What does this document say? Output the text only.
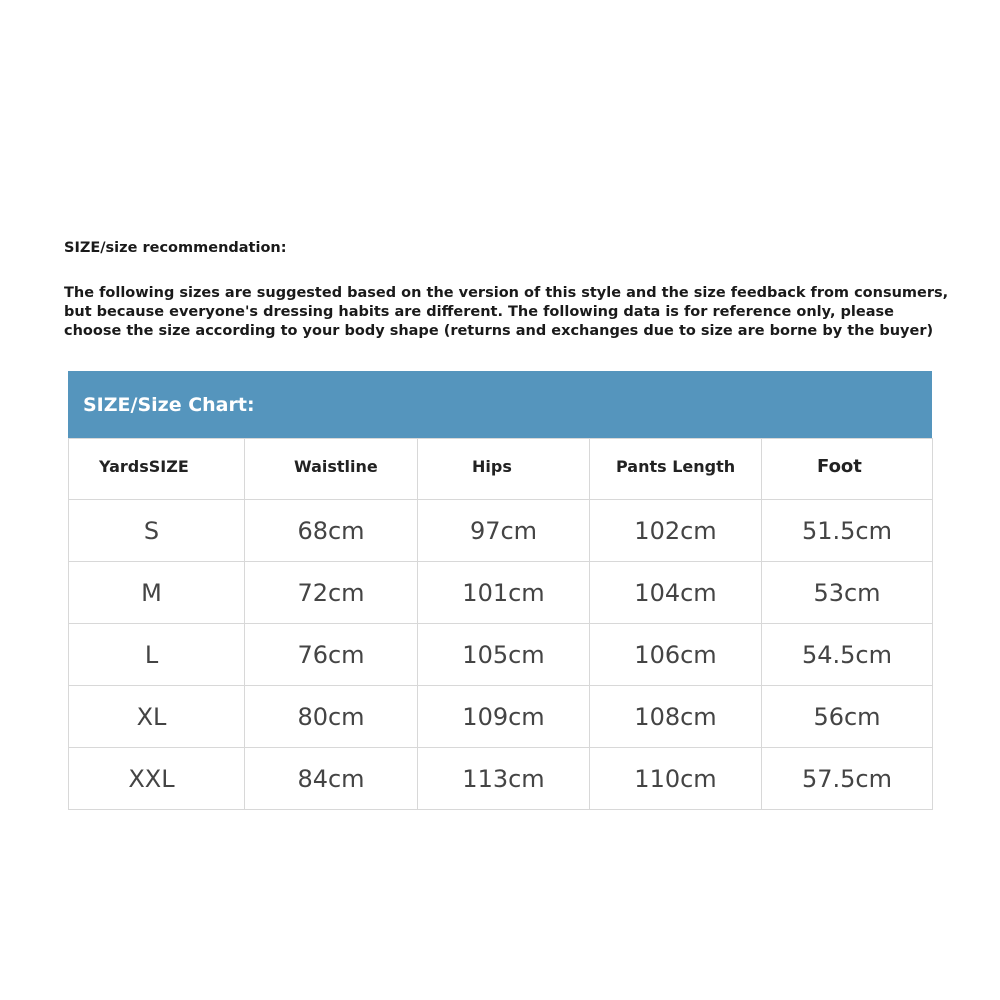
SIZE/size recommendation:
The following sizes are suggested based on the version of this style and the size feedback from consumers,
but because everyone's dressing habits are different. The following data is for reference only, please
choose the size according to your body shape (returns and exchanges due to size are borne by the buyer)
SIZE/Size Chart:
YardsSIZE	Waistline	Hips	Pants Length	Foot
S	68cm	97cm	102cm	51.5cm
M	72cm	101cm	104cm	53cm
L	76cm	105cm	106cm	54.5cm
XL	80cm	109cm	108cm	56cm
XXL	84cm	113cm	110cm	57.5cm
